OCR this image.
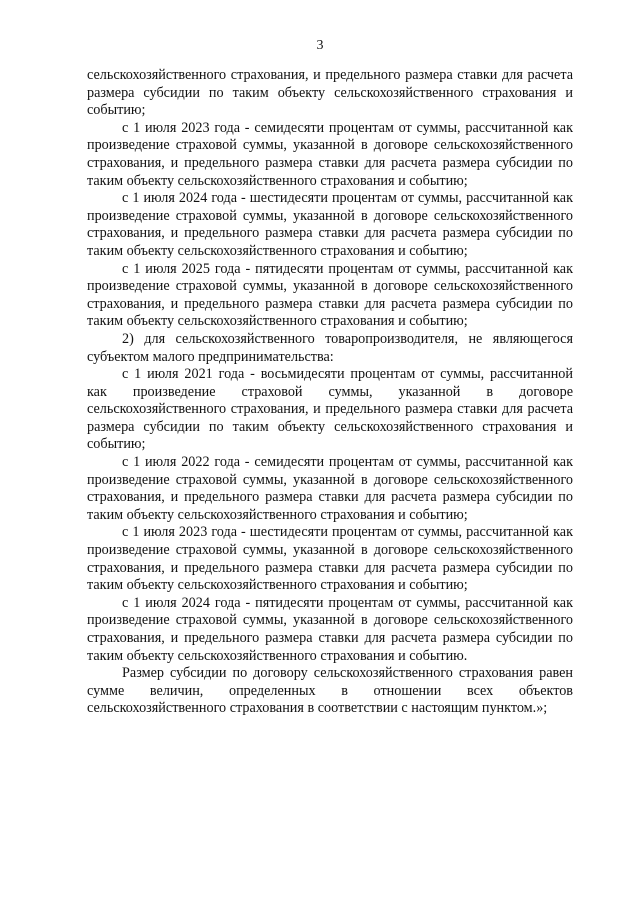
3

сельскохозяйственного страхования, и предельного размера ставки для расчета размера субсидии по таким объекту сельскохозяйственного страхования и событию;

с 1 июля 2023 года - семидесяти процентам от суммы, рассчитанной как произведение страховой суммы, указанной в договоре сельскохозяйственного страхования, и предельного размера ставки для расчета размера субсидии по таким объекту сельскохозяйственного страхования и событию;

с 1 июля 2024 года - шестидесяти процентам от суммы, рассчитанной как произведение страховой суммы, указанной в договоре сельскохозяйственного страхования, и предельного размера ставки для расчета размера субсидии по таким объекту сельскохозяйственного страхования и событию;

с 1 июля 2025 года - пятидесяти процентам от суммы, рассчитанной как произведение страховой суммы, указанной в договоре сельскохозяйственного страхования, и предельного размера ставки для расчета размера субсидии по таким объекту сельскохозяйственного страхования и событию;

2) для сельскохозяйственного товаропроизводителя, не являющегося субъектом малого предпринимательства:

с 1 июля 2021 года - восьмидесяти процентам от суммы, рассчитанной как произведение страховой суммы, указанной в договоре сельскохозяйственного страхования, и предельного размера ставки для расчета размера субсидии по таким объекту сельскохозяйственного страхования и событию;

с 1 июля 2022 года - семидесяти процентам от суммы, рассчитанной как произведение страховой суммы, указанной в договоре сельскохозяйственного страхования, и предельного размера ставки для расчета размера субсидии по таким объекту сельскохозяйственного страхования и событию;

с 1 июля 2023 года - шестидесяти процентам от суммы, рассчитанной как произведение страховой суммы, указанной в договоре сельскохозяйственного страхования, и предельного размера ставки для расчета размера субсидии по таким объекту сельскохозяйственного страхования и событию;

с 1 июля 2024 года - пятидесяти процентам от суммы, рассчитанной как произведение страховой суммы, указанной в договоре сельскохозяйственного страхования, и предельного размера ставки для расчета размера субсидии по таким объекту сельскохозяйственного страхования и событию.

Размер субсидии по договору сельскохозяйственного страхования равен сумме величин, определенных в отношении всех объектов сельскохозяйственного страхования в соответствии с настоящим пунктом.»;
